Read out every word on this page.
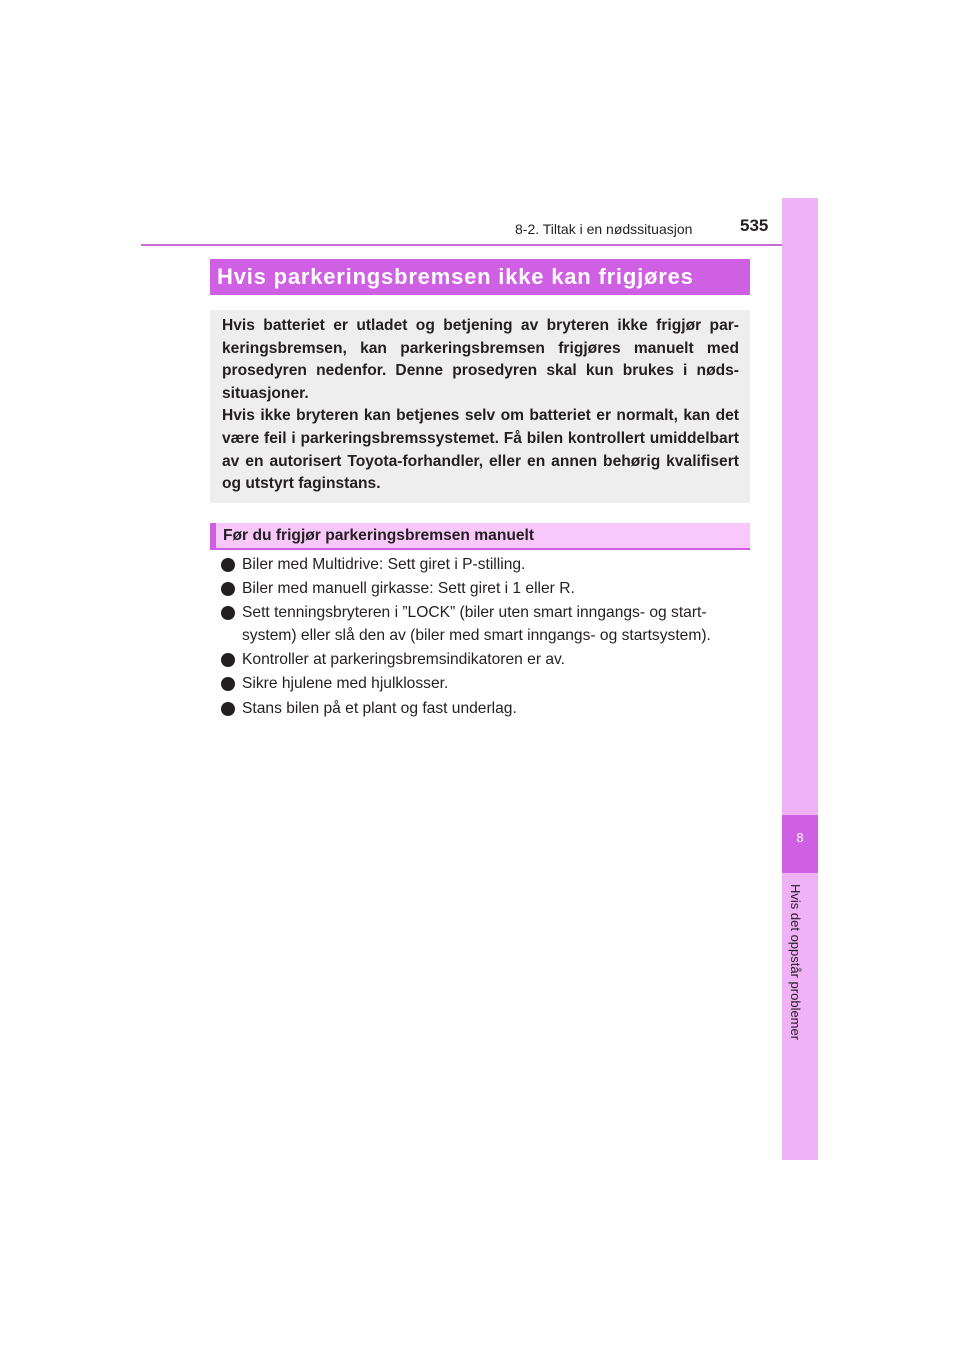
8-2. Tiltak i en nødssituasjon	535
8
Hvis det oppstår problemer
Hvis parkeringsbremsen ikke kan frigjøres

Hvis batteriet er utladet og betjening av bryteren ikke frigjør par-keringsbremsen, kan parkeringsbremsen frigjøres manuelt med prosedyren nedenfor. Denne prosedyren skal kun brukes i nøds-situasjoner.

Hvis ikke bryteren kan betjenes selv om batteriet er normalt, kan det være feil i parkeringsbremssystemet. Få bilen kontrollert umiddelbart av en autorisert Toyota-forhandler, eller en annen behørig kvalifisert og utstyrt faginstans.

Før du frigjør parkeringsbremsen manuelt
Biler med Multidrive: Sett giret i P-stilling.
Biler med manuell girkasse: Sett giret i 1 eller R.
Sett tenningsbryteren i ”LOCK” (biler uten smart inngangs- og start-system) eller slå den av (biler med smart inngangs- og startsystem).
Kontroller at parkeringsbremsindikatoren er av.
Sikre hjulene med hjulklosser.
Stans bilen på et plant og fast underlag.
